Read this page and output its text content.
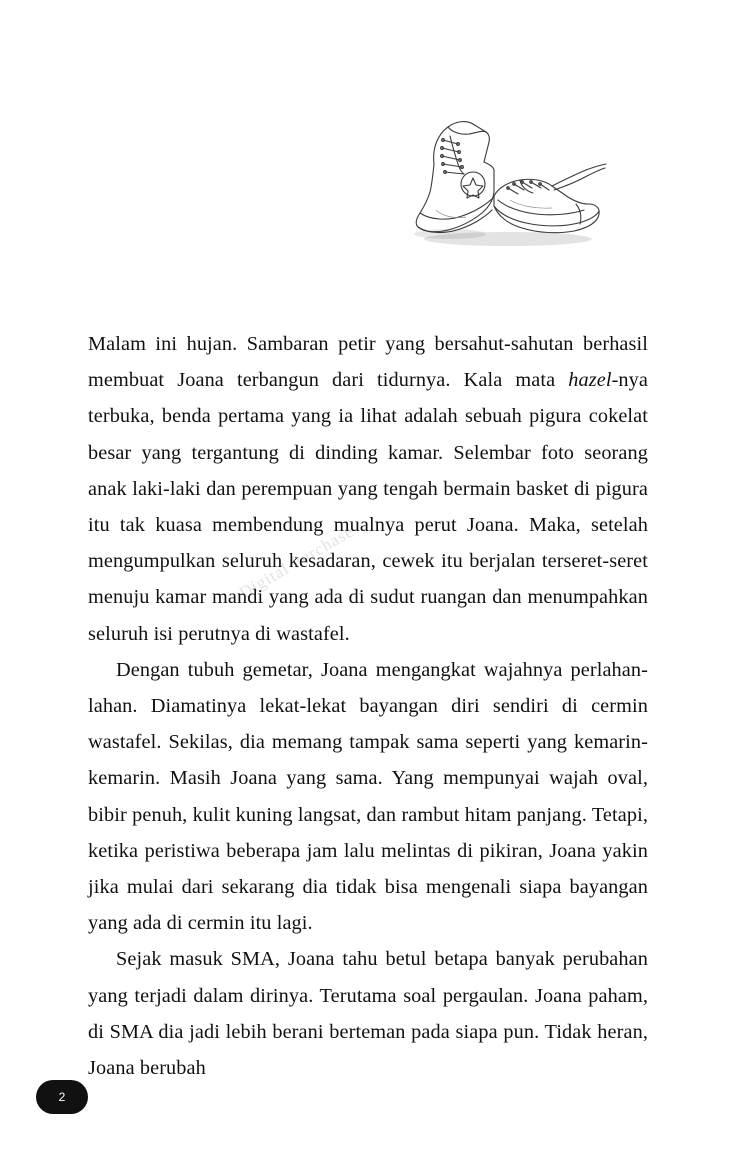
Malam ini hujan. Sambaran petir yang bersahut-sahutan berhasil membuat Joana terbangun dari tidurnya. Kala mata hazel-nya terbuka, benda pertama yang ia lihat adalah sebuah pigura cokelat besar yang tergantung di dinding kamar. Selembar foto seorang anak laki-laki dan perempuan yang tengah bermain basket di pigura itu tak kuasa membendung mualnya perut Joana. Maka, setelah mengumpulkan seluruh kesadaran, cewek itu berjalan terseret-seret menuju kamar mandi yang ada di sudut ruangan dan menumpahkan seluruh isi perutnya di wastafel.

Dengan tubuh gemetar, Joana mengangkat wajahnya perlahan-lahan. Diamatinya lekat-lekat bayangan diri sendiri di cermin wastafel. Sekilas, dia memang tampak sama seperti yang kemarin-kemarin. Masih Joana yang sama. Yang mempunyai wajah oval, bibir penuh, kulit kuning langsat, dan rambut hitam panjang. Tetapi, ketika peristiwa beberapa jam lalu melintas di pikiran, Joana yakin jika mulai dari sekarang dia tidak bisa mengenali siapa bayangan yang ada di cermin itu lagi.

Sejak masuk SMA, Joana tahu betul betapa banyak perubahan yang terjadi dalam dirinya. Terutama soal pergaulan. Joana paham, di SMA dia jadi lebih berani berteman pada siapa pun. Tidak heran, Joana berubah

Digital Purchase
2
